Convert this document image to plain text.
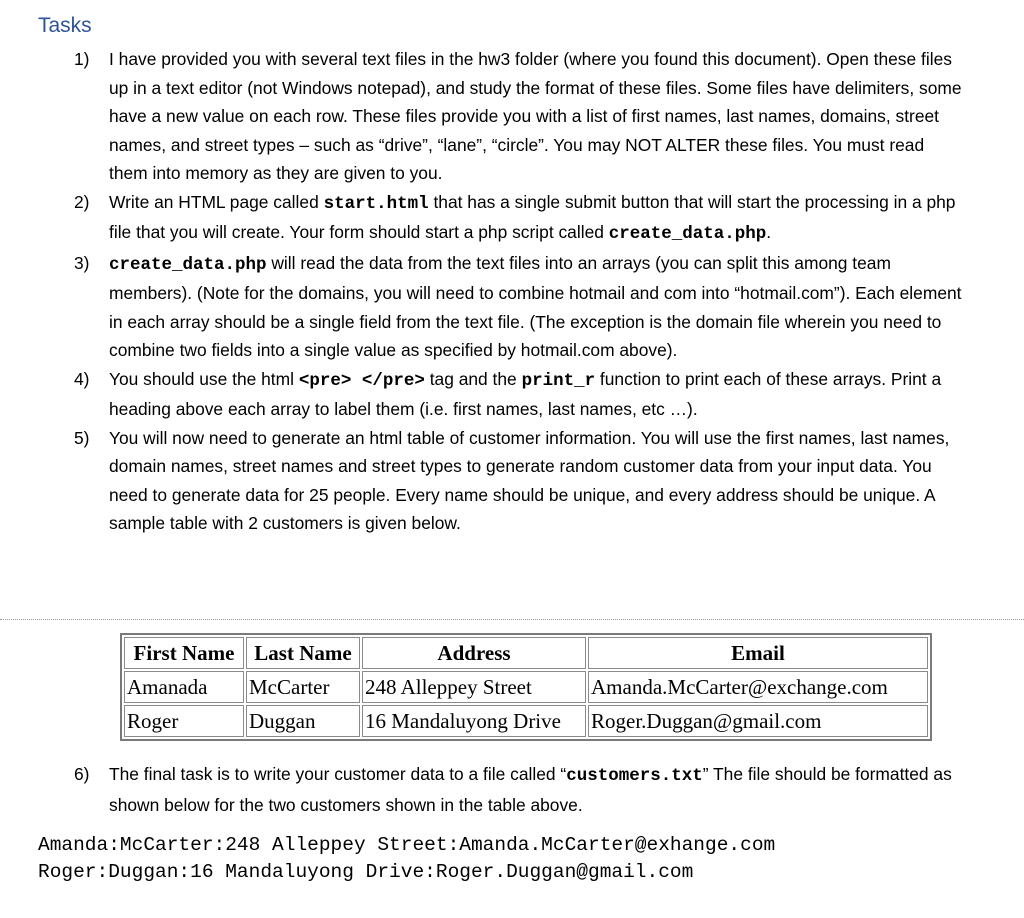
Tasks
1) I have provided you with several text files in the hw3 folder (where you found this document). Open these files up in a text editor (not Windows notepad), and study the format of these files. Some files have delimiters, some have a new value on each row. These files provide you with a list of first names, last names, domains, street names, and street types – such as “drive”, “lane”, “circle”. You may NOT ALTER these files. You must read them into memory as they are given to you.
2) Write an HTML page called start.html that has a single submit button that will start the processing in a php file that you will create. Your form should start a php script called create_data.php.
3) create_data.php will read the data from the text files into an arrays (you can split this among team members). (Note for the domains, you will need to combine hotmail and com into “hotmail.com”). Each element in each array should be a single field from the text file. (The exception is the domain file wherein you need to combine two fields into a single value as specified by hotmail.com above).
4) You should use the html <pre> </pre> tag and the print_r function to print each of these arrays. Print a heading above each array to label them (i.e. first names, last names, etc …).
5) You will now need to generate an html table of customer information. You will use the first names, last names, domain names, street names and street types to generate random customer data from your input data. You need to generate data for 25 people. Every name should be unique, and every address should be unique. A sample table with 2 customers is given below.
First Name	Last Name	Address	Email
Amanada	McCarter	248 Alleppey Street	Amanda.McCarter@exchange.com
Roger	Duggan	16 Mandaluyong Drive	Roger.Duggan@gmail.com
6) The final task is to write your customer data to a file called “customers.txt” The file should be formatted as shown below for the two customers shown in the table above.
Amanda:McCarter:248 Alleppey Street:Amanda.McCarter@exhange.com
Roger:Duggan:16 Mandaluyong Drive:Roger.Duggan@gmail.com
